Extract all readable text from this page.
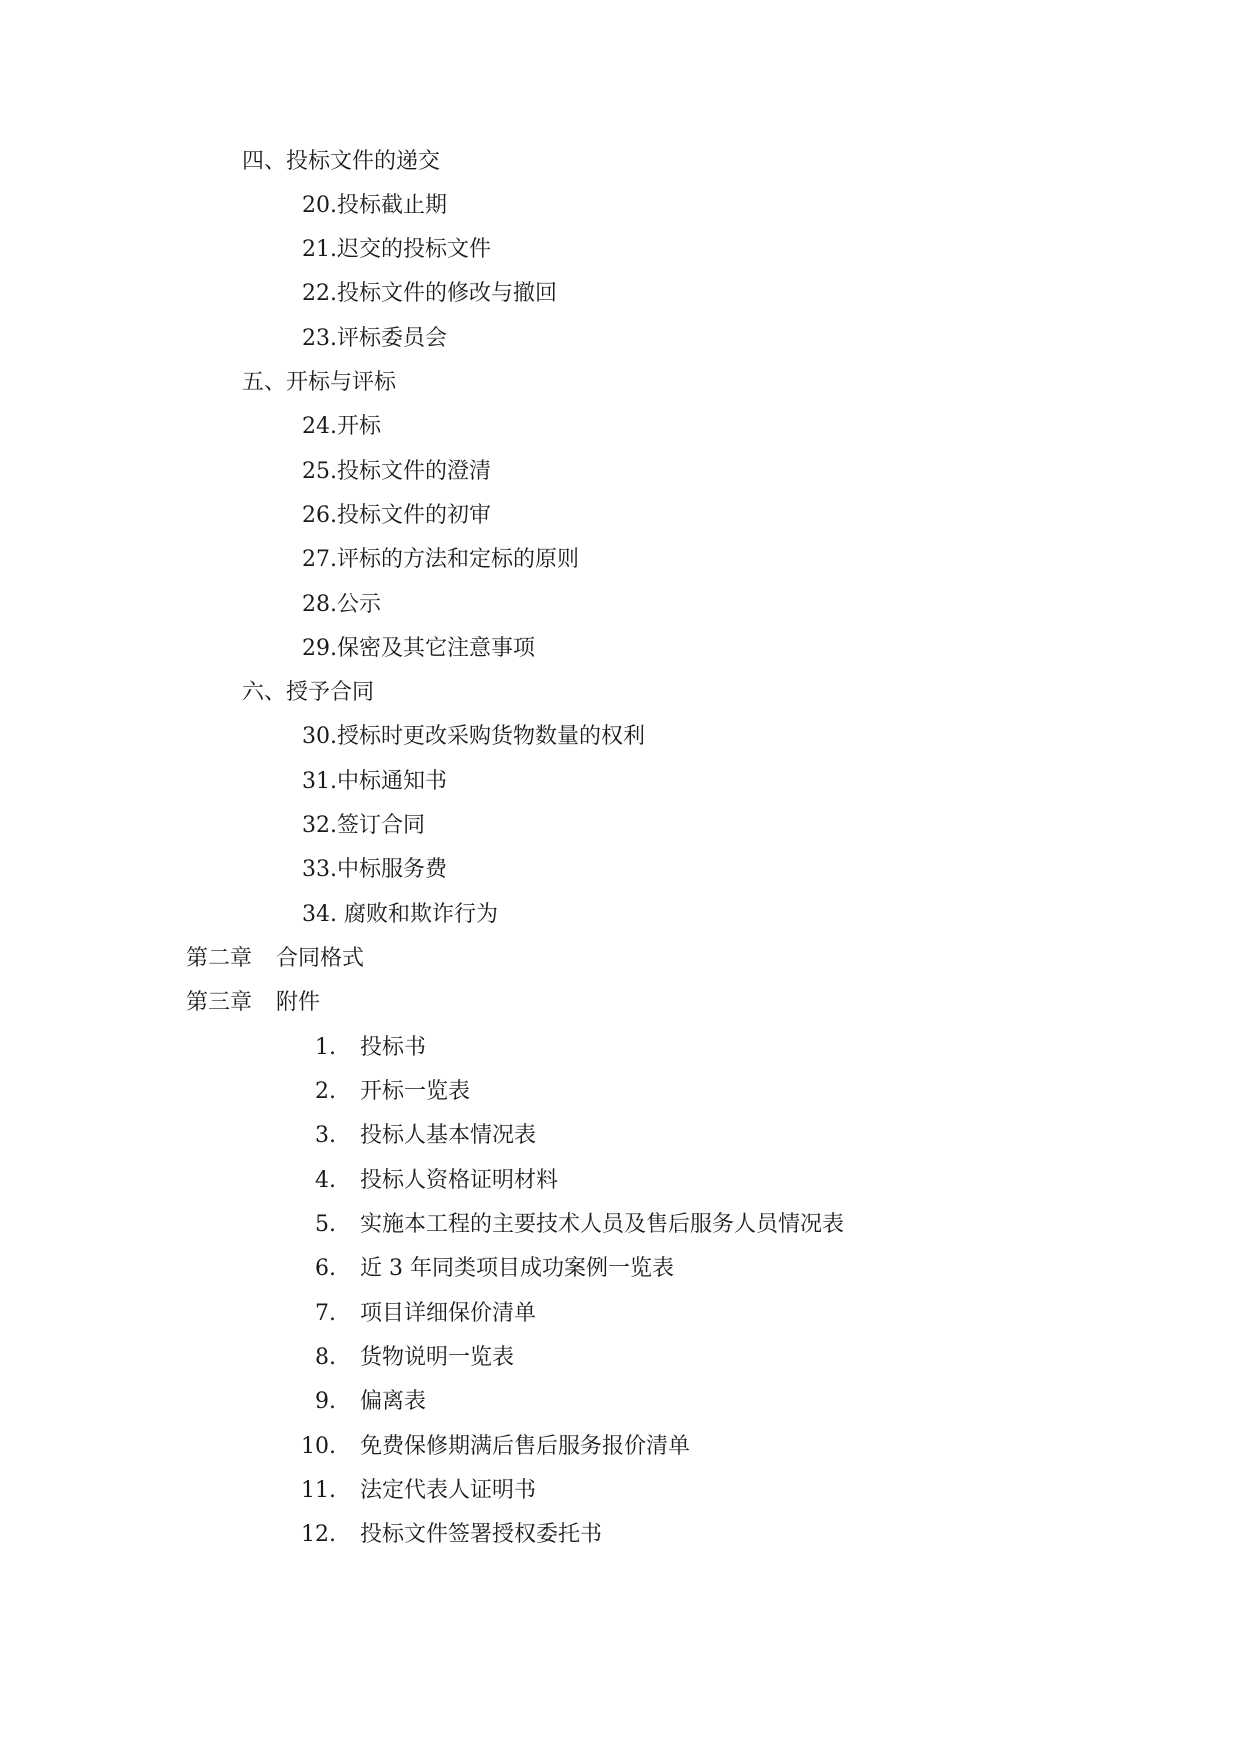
四、投标文件的递交
20.投标截止期
21.迟交的投标文件
22.投标文件的修改与撤回
23.评标委员会
五、开标与评标
24.开标
25.投标文件的澄清
26.投标文件的初审
27.评标的方法和定标的原则
28.公示
29.保密及其它注意事项
六、授予合同
30.授标时更改采购货物数量的权利
31.中标通知书
32.签订合同
33.中标服务费
34. 腐败和欺诈行为
第二章 合同格式
第三章 附件
1. 投标书
2. 开标一览表
3. 投标人基本情况表
4. 投标人资格证明材料
5. 实施本工程的主要技术人员及售后服务人员情况表
6. 近 3 年同类项目成功案例一览表
7. 项目详细保价清单
8. 货物说明一览表
9. 偏离表
10. 免费保修期满后售后服务报价清单
11. 法定代表人证明书
12. 投标文件签署授权委托书
